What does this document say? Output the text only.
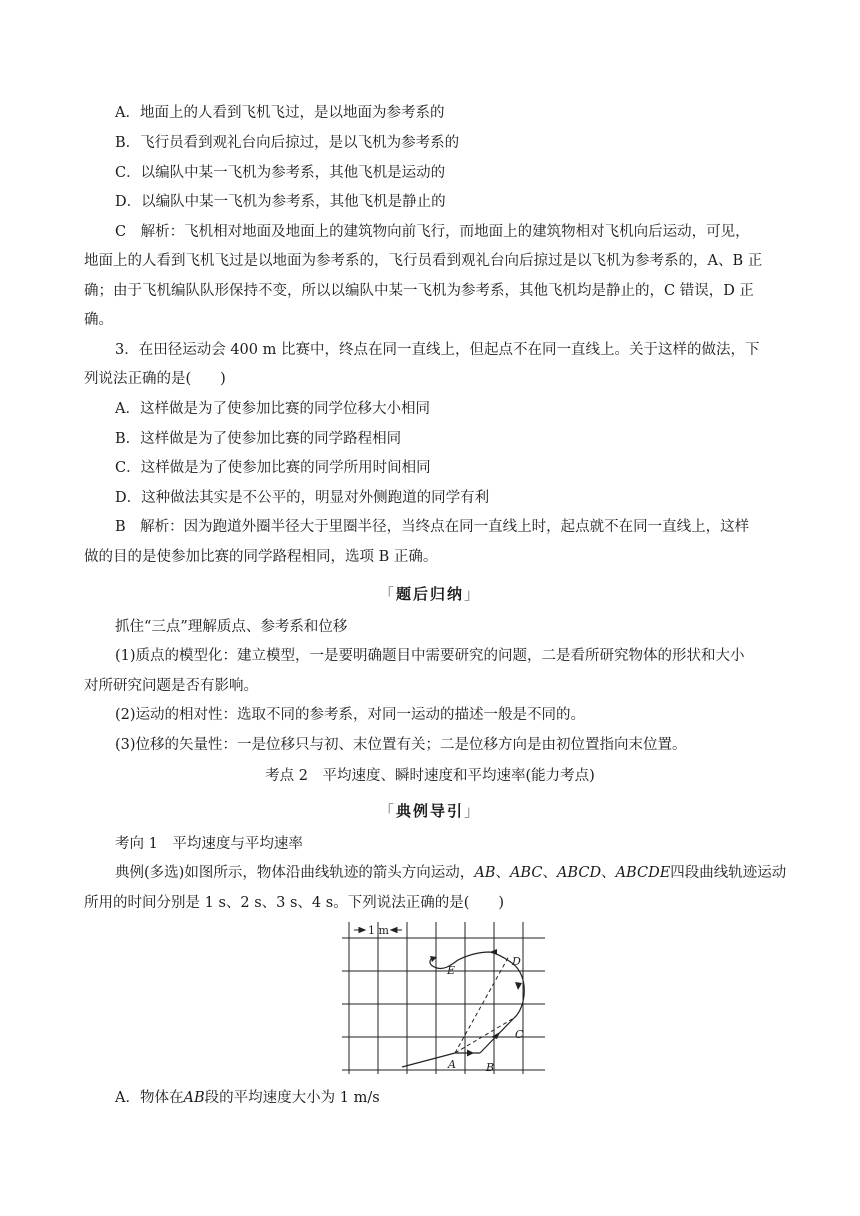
A．地面上的人看到飞机飞过，是以地面为参考系的
B．飞行员看到观礼台向后掠过，是以飞机为参考系的
C．以编队中某一飞机为参考系，其他飞机是运动的
D．以编队中某一飞机为参考系，其他飞机是静止的
C　解析：飞机相对地面及地面上的建筑物向前飞行，而地面上的建筑物相对飞机向后运动，可见，
地面上的人看到飞机飞过是以地面为参考系的，飞行员看到观礼台向后掠过是以飞机为参考系的，A、B 正
确；由于飞机编队队形保持不变，所以以编队中某一飞机为参考系，其他飞机均是静止的，C 错误，D 正
确。
3．在田径运动会 400 m 比赛中，终点在同一直线上，但起点不在同一直线上。关于这样的做法，下
列说法正确的是(　　)
A．这样做是为了使参加比赛的同学位移大小相同
B．这样做是为了使参加比赛的同学路程相同
C．这样做是为了使参加比赛的同学所用时间相同
D．这种做法其实是不公平的，明显对外侧跑道的同学有利
B　解析：因为跑道外圈半径大于里圈半径，当终点在同一直线上时，起点就不在同一直线上，这样
做的目的是使参加比赛的同学路程相同，选项 B 正确。
「题后归纳」
抓住“三点”理解质点、参考系和位移
(1)质点的模型化：建立模型，一是要明确题目中需要研究的问题，二是看所研究物体的形状和大小
对所研究问题是否有影响。
(2)运动的相对性：选取不同的参考系，对同一运动的描述一般是不同的。
(3)位移的矢量性：一是位移只与初、末位置有关；二是位移方向是由初位置指向末位置。
考点 2　平均速度、瞬时速度和平均速率(能力考点)
「典例导引」
考向 1　平均速度与平均速率
典例(多选)如图所示，物体沿曲线轨迹的箭头方向运动，AB、ABC、ABCD、ABCDE四段曲线轨迹运动
所用的时间分别是 1 s、2 s、3 s、4 s。下列说法正确的是(　　)
1 m
A	B
C
D
E
A．物体在AB段的平均速度大小为 1 m/s
